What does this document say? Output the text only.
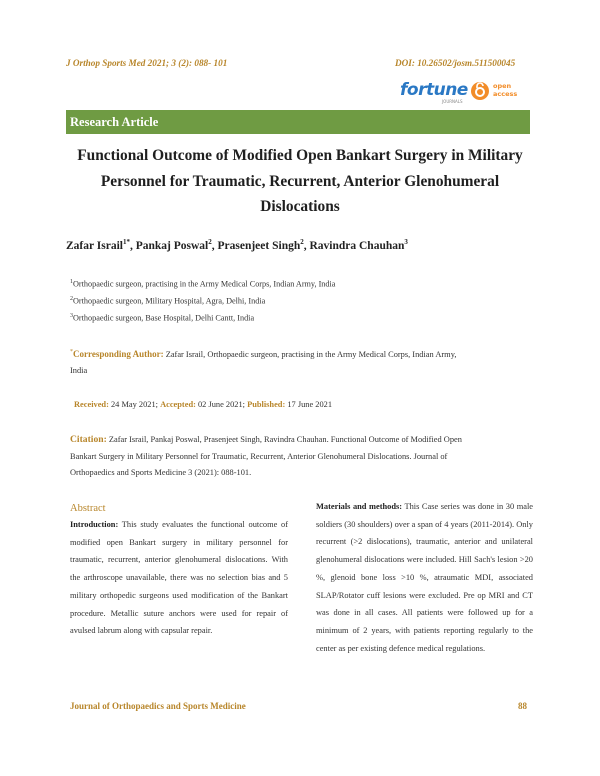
J Orthop Sports Med 2021; 3 (2): 088- 101	DOI: 10.26502/josm.511500045
fortune
JOURNALS
open
access
Research Article
Functional Outcome of Modified Open Bankart Surgery in Military
Personnel for Traumatic, Recurrent, Anterior Glenohumeral
Dislocations
Zafar Israil$^{1*}$, Pankaj Poswal$^2$, Prasenjeet Singh$^2$, Ravindra Chauhan$^3$
$^1$Orthopaedic surgeon, practising in the Army Medical Corps, Indian Army, India
$^2$Orthopaedic surgeon, Military Hospital, Agra, Delhi, India
$^3$Orthopaedic surgeon, Base Hospital, Delhi Cantt, India
*Corresponding Author: Zafar Israil, Orthopaedic surgeon, practising in the Army Medical Corps, Indian Army,
India
Received: 24 May 2021; Accepted: 02 June 2021; Published: 17 June 2021
Citation: Zafar Israil, Pankaj Poswal, Prasenjeet Singh, Ravindra Chauhan. Functional Outcome of Modified Open
Bankart Surgery in Military Personnel for Traumatic, Recurrent, Anterior Glenohumeral Dislocations. Journal of
Orthopaedics and Sports Medicine 3 (2021): 088-101.
Abstract
Introduction: This study evaluates the functional outcome of modified open Bankart surgery in military personnel for traumatic, recurrent, anterior glenohumeral dislocations. With the arthroscope unavailable, there was no selection bias and 5 military orthopedic surgeons used modification of the Bankart procedure. Metallic suture anchors were used for repair of avulsed labrum along with capsular repair.
Materials and methods: This Case series was done in 30 male soldiers (30 shoulders) over a span of 4 years (2011-2014). Only recurrent (>2 dislocations), traumatic, anterior and unilateral glenohumeral dislocations were included. Hill Sach's lesion >20 %, glenoid bone loss >10 %, atraumatic MDI, associated SLAP/Rotator cuff lesions were excluded. Pre op MRI and CT was done in all cases. All patients were followed up for a minimum of 2 years, with patients reporting regularly to the center as per existing defence medical regulations.
Journal of Orthopaedics and Sports Medicine	88
